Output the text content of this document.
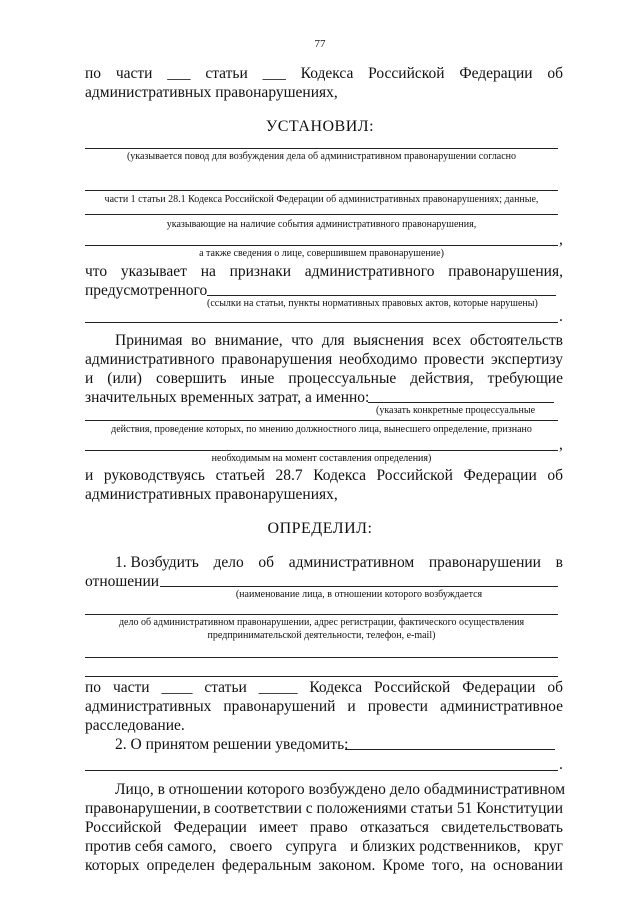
77
по части ___ статьи ___ Кодекса Российской Федерации об
административных правонарушениях,
УСТАНОВИЛ:
(указывается повод для возбуждения дела об административном правонарушении согласно
части 1 статьи 28.1 Кодекса Российской Федерации об административных правонарушениях; данные,
указывающие на наличие события административного правонарушения,
,
а также сведения о лице, совершившем правонарушение)
что указывает на признаки административного правонарушения,
предусмотренного
(ссылки на статьи, пункты нормативных правовых актов, которые нарушены)
.
Принимая во внимание, что для выяснения всех обстоятельств
административного правонарушения необходимо провести экспертизу
и (или) совершить иные процессуальные действия, требующие
значительных временных затрат, а именно:
(указать конкретные процессуальные
действия, проведение которых, по мнению должностного лица, вынесшего определение, признано
,
необходимым на момент составления определения)
и руководствуясь статьей 28.7 Кодекса Российской Федерации об
административных правонарушениях,
ОПРЕДЕЛИЛ:
1. Возбудить дело об административном правонарушении в
отношении
(наименование лица, в отношении которого возбуждается
дело об административном правонарушении, адрес регистрации, фактического осуществления
предпринимательской деятельности, телефон, e-mail)
по части ____ статьи _____ Кодекса Российской Федерации об
административных правонарушений и провести административное
расследование.
2. О принятом решении уведомить:
.
Лицо, в отношении которого возбуждено дело об административном
правонарушении, в соответствии с положениями статьи 51 Конституции
Российской Федерации имеет право отказаться свидетельствовать
против себя самого, своего супруга и близких родственников, круг
которых определен федеральным законом. Кроме того, на основании
